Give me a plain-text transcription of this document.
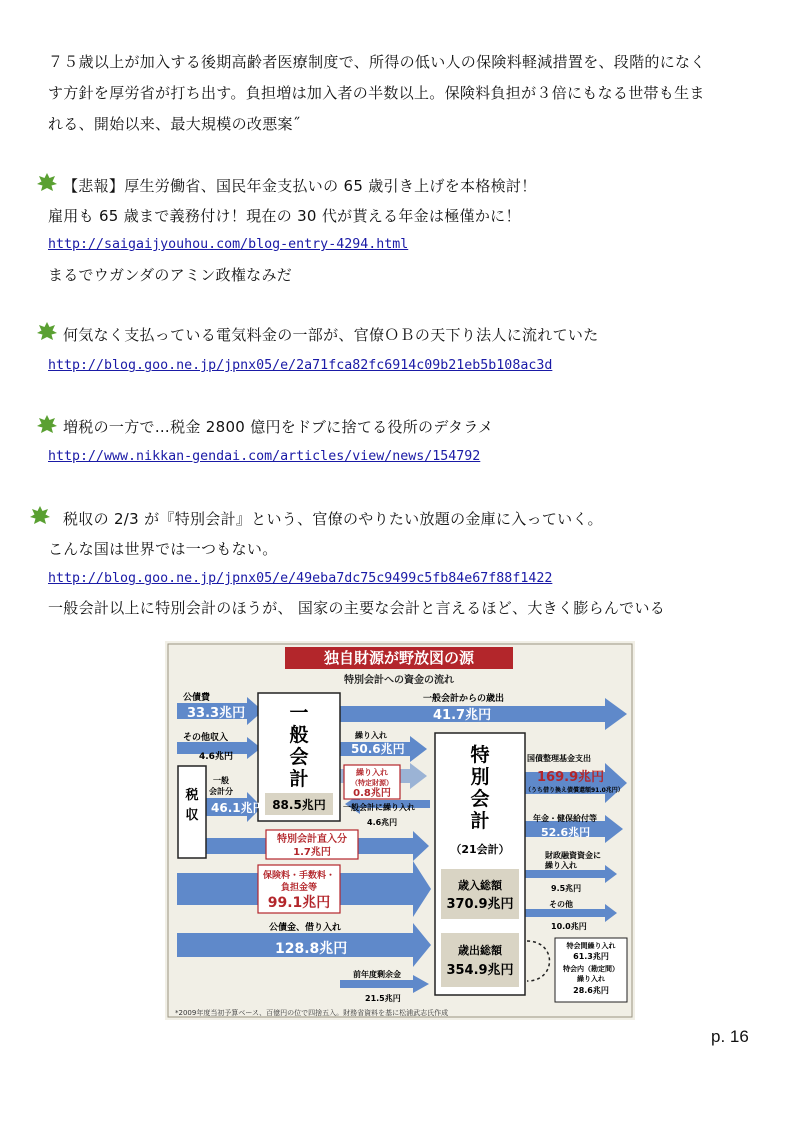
７５歳以上が加入する後期高齢者医療制度で、所得の低い人の保険料軽減措置を、段階的になく
す方針を厚労省が打ち出す。負担増は加入者の半数以上。保険料負担が３倍にもなる世帯も生ま
れる、開始以来、最大規模の改悪案˝
【悲報】厚生労働省、国民年金支払いの 65 歳引き上げを本格検討！
雇用も 65 歳まで義務付け！現在の 30 代が貰える年金は極僅かに！
http://saigaijyouhou.com/blog-entry-4294.html
まるでウガンダのアミン政権なみだ
何気なく支払っている電気料金の一部が、官僚ＯＢの天下り法人に流れていた
http://blog.goo.ne.jp/jpnx05/e/2a71fca82fc6914c09b21eb5b108ac3d
増税の一方で…税金 2800 億円をドブに捨てる役所のデタラメ
http://www.nikkan-gendai.com/articles/view/news/154792
税収の 2/3 が『特別会計』という、官僚のやりたい放題の金庫に入っていく。
こんな国は世界では一つもない。
http://blog.goo.ne.jp/jpnx05/e/49eba7dc75c9499c5fb84e67f88f1422
一般会計以上に特別会計のほうが、 国家の主要な会計と言えるほど、大きく膨らんでいる
独自財源が野放図の源
特別会計への資金の流れ
税収
一般会計
88.5兆円
特別会計
（21会計）
歳入総額
370.9兆円
歳出総額
354.9兆円
公債費
33.3兆円
その他収入
4.6兆円
一般
会計分
46.1兆円
一般会計からの歳出
41.7兆円
繰り入れ
50.6兆円
繰り入れ
（特定財源）
0.8兆円
一般会計に繰り入れ
4.6兆円
特別会計直入分
1.7兆円
保険料・手数料・
負担金等
99.1兆円
公債金、借り入れ
128.8兆円
前年度剰余金
21.5兆円
国債整理基金支出
169.9兆円
（うち借り換え債償還額91.0兆円）
年金・健保給付等
52.6兆円
財政融資資金に
繰り入れ
9.5兆円
その他
10.0兆円
特会間繰り入れ
61.3兆円
特会内（勘定間）
繰り入れ
28.6兆円
*2009年度当初予算ベース、百億円の位で四捨五入。財務省資料を基に松浦武志氏作成
p. 16
